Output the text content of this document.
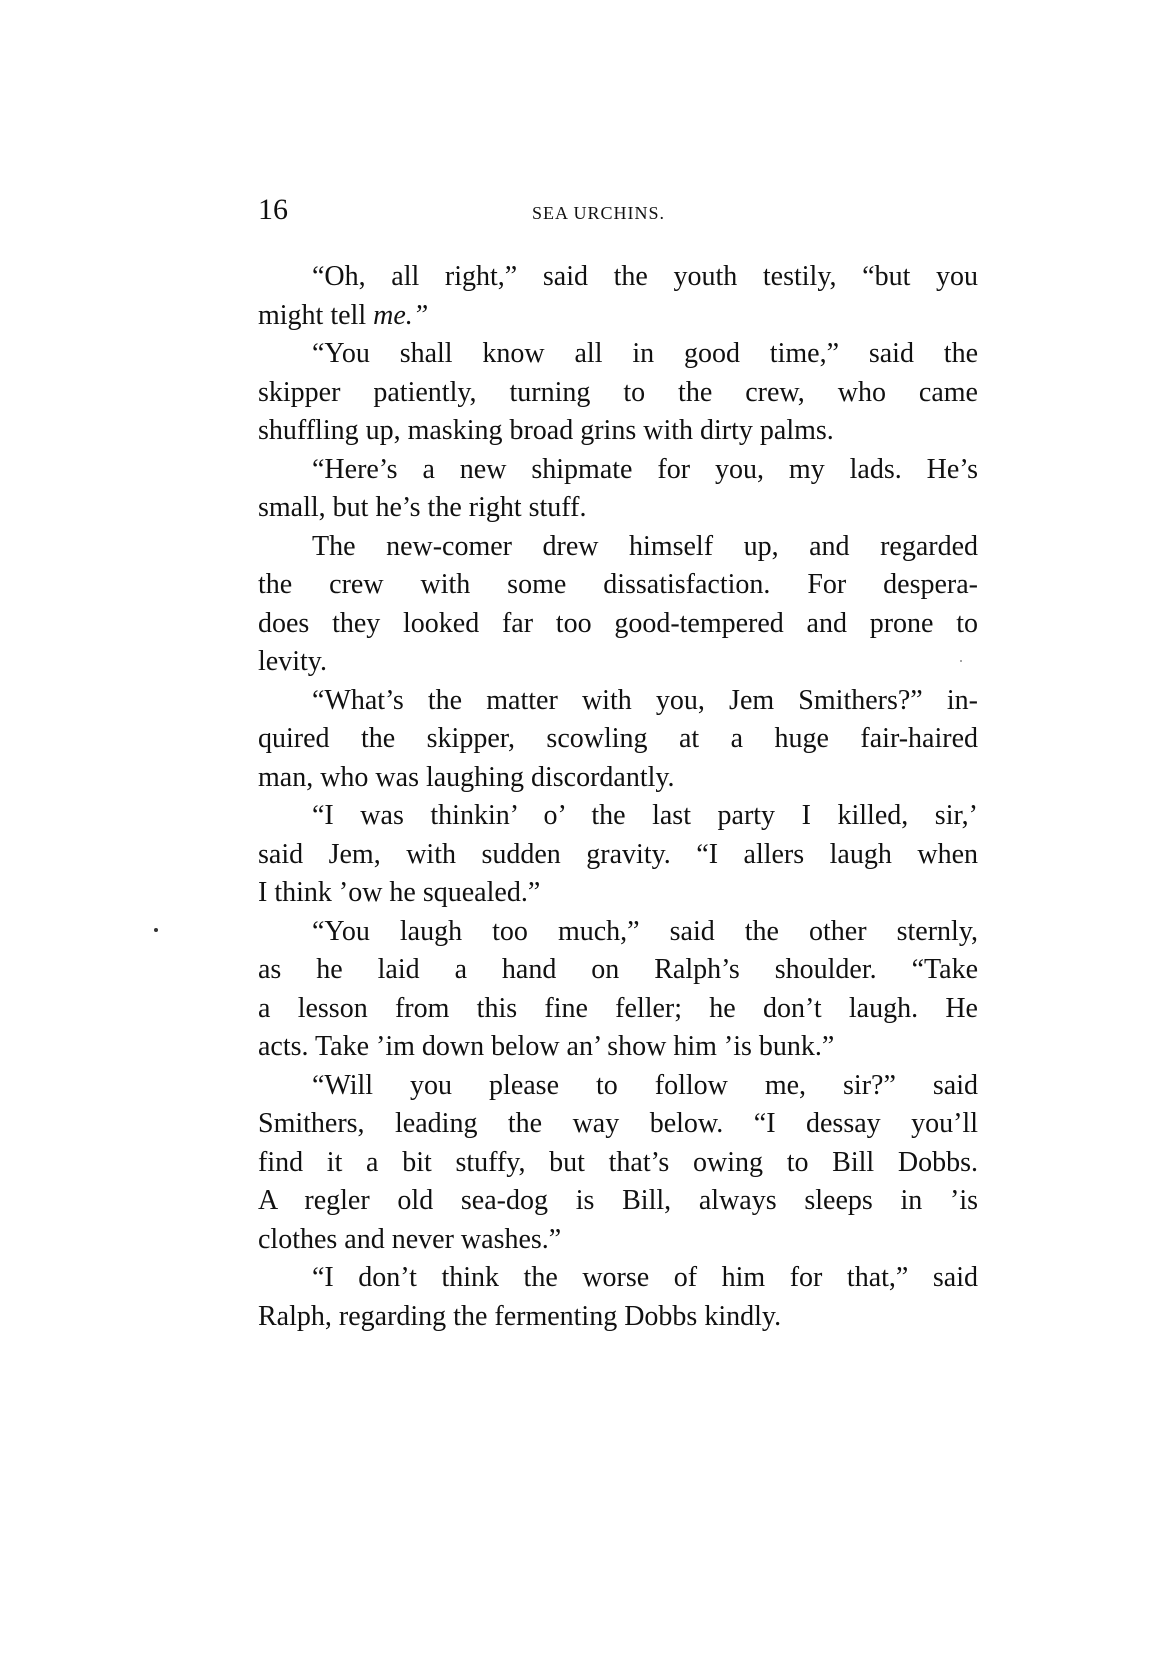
16	SEA URCHINS.
“Oh, all right,” said the youth testily, “but you
might tell me.”
“You shall know all in good time,” said the
skipper patiently, turning to the crew, who came
shuffling up, masking broad grins with dirty palms.
“Here’s a new shipmate for you, my lads. He’s
small, but he’s the right stuff.
The new-comer drew himself up, and regarded
the crew with some dissatisfaction. For despera-
does they looked far too good-tempered and prone to
levity.
“What’s the matter with you, Jem Smithers?” in-
quired the skipper, scowling at a huge fair-haired
man, who was laughing discordantly.
“I was thinkin’ o’ the last party I killed, sir,’
said Jem, with sudden gravity. “I allers laugh when
I think ’ow he squealed.”
“You laugh too much,” said the other sternly,
as he laid a hand on Ralph’s shoulder. “Take
a lesson from this fine feller; he don’t laugh. He
acts. Take ’im down below an’ show him ’is bunk.”
“Will you please to follow me, sir?” said
Smithers, leading the way below. “I dessay you’ll
find it a bit stuffy, but that’s owing to Bill Dobbs.
A regler old sea-dog is Bill, always sleeps in ’is
clothes and never washes.”
“I don’t think the worse of him for that,” said
Ralph, regarding the fermenting Dobbs kindly.
